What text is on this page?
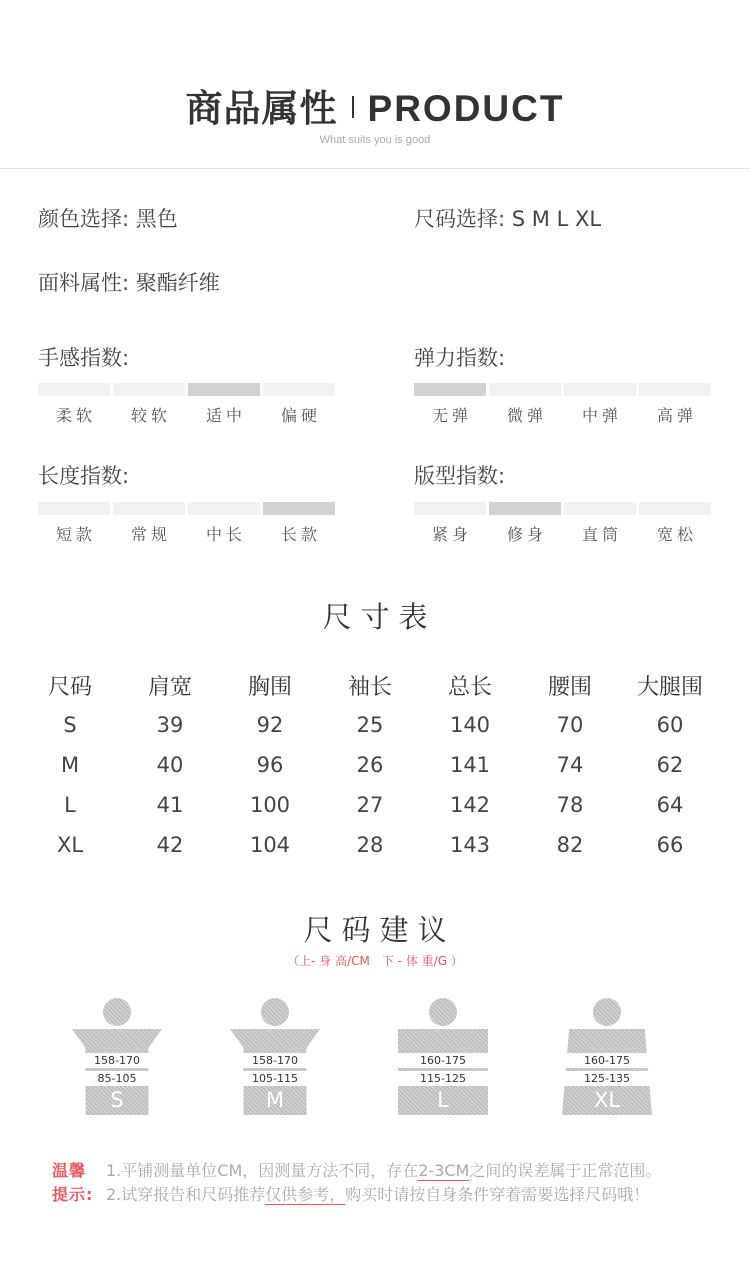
商品属性 PRODUCT
What suits you is good
颜色选择: 黑色	尺码选择: S M L XL
面料属性: 聚酯纤维
手感指数:
柔软	较软	适中	偏硬
弹力指数:
无弹	微弹	中弹	高弹
长度指数:
短款	常规	中长	长款
版型指数:
紧身	修身	直筒	宽松
尺寸表
尺码	肩宽	胸围	袖长	总长	腰围	大腿围
S	39	92	25	140	70	60
M	40	96	26	141	74	62
L	41	100	27	142	78	64
XL	42	104	28	143	82	66
尺码建议
（上- 身 高/CM　下 - 体 重/G ）
158-170
85-105
S
158-170
105-115
M
160-175
115-125
L
160-175
125-135
XL
温馨
提示:
1.平铺测量单位CM，因测量方法不同，存在2-3CM之间的误差属于正常范围。
2.试穿报告和尺码推荐仅供参考，购买时请按自身条件穿着需要选择尺码哦！
